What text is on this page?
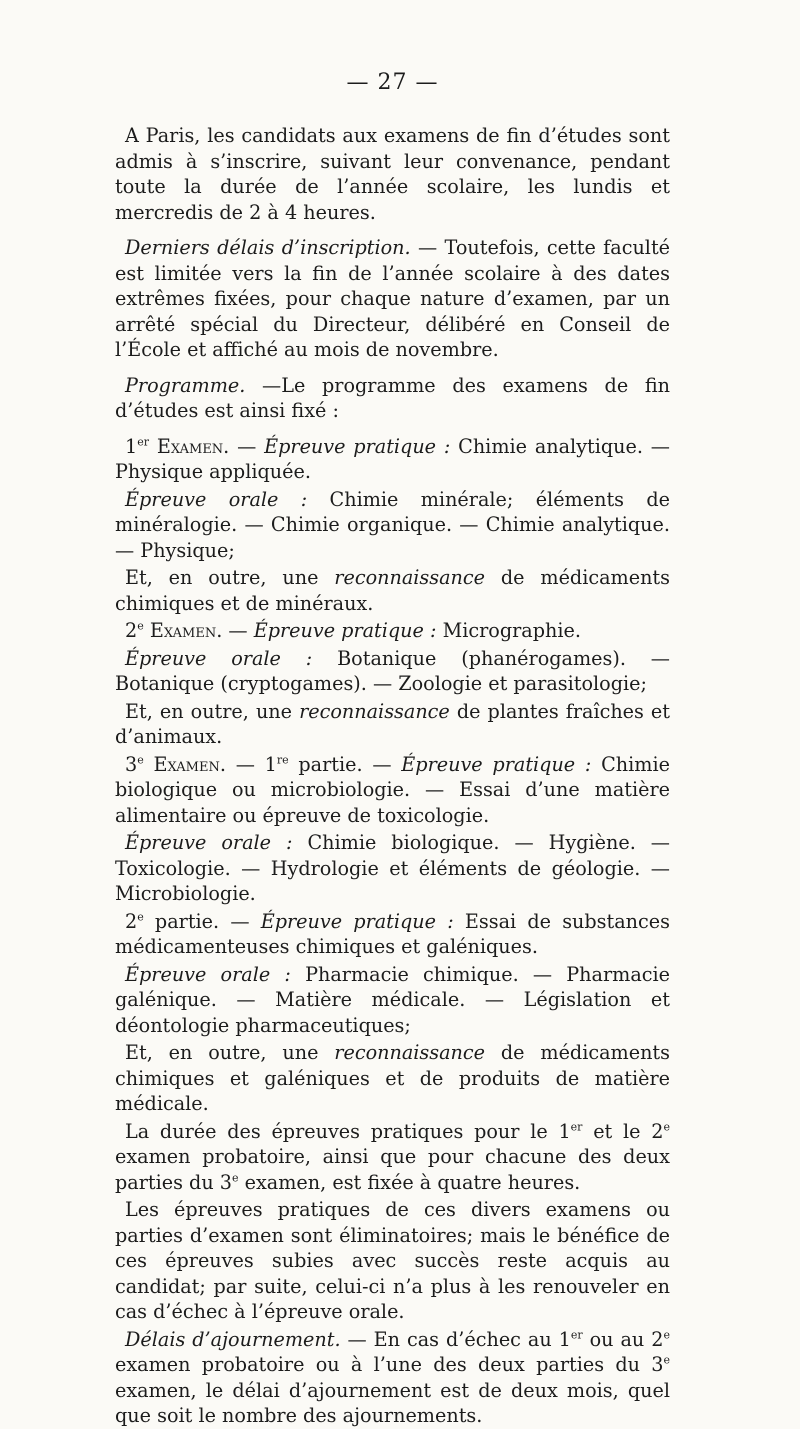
— 27 —

A Paris, les candidats aux examens de fin d’études sont admis à s’inscrire, suivant leur convenance, pendant toute la durée de l’année scolaire, les lundis et mercredis de 2 à 4 heures.

Derniers délais d’inscription. — Toutefois, cette faculté est limitée vers la fin de l’année scolaire à des dates extrêmes fixées, pour chaque nature d’examen, par un arrêté spécial du Directeur, délibéré en Conseil de l’École et affiché au mois de novembre.

Programme. —Le programme des examens de fin d’études est ainsi fixé :

1er Examen. — Épreuve pratique : Chimie analytique. — Physique appliquée.

Épreuve orale : Chimie minérale; éléments de minéralogie. — Chimie organique. — Chimie analytique. — Physique;

Et, en outre, une reconnaissance de médicaments chimiques et de minéraux.

2e Examen. — Épreuve pratique : Micrographie.

Épreuve orale : Botanique (phanérogames). — Botanique (cryptogames). — Zoologie et parasitologie;

Et, en outre, une reconnaissance de plantes fraîches et d’animaux.

3e Examen. — 1re partie. — Épreuve pratique : Chimie biologique ou microbiologie. — Essai d’une matière alimentaire ou épreuve de toxicologie.

Épreuve orale : Chimie biologique. — Hygiène. — Toxicologie. — Hydrologie et éléments de géologie. — Microbiologie.

2e partie. — Épreuve pratique : Essai de substances médicamenteuses chimiques et galéniques.

Épreuve orale : Pharmacie chimique. — Pharmacie galénique. — Matière médicale. — Législation et déontologie pharmaceutiques;

Et, en outre, une reconnaissance de médicaments chimiques et galéniques et de produits de matière médicale.

La durée des épreuves pratiques pour le 1er et le 2e examen probatoire, ainsi que pour chacune des deux parties du 3e examen, est fixée à quatre heures.

Les épreuves pratiques de ces divers examens ou parties d’examen sont éliminatoires; mais le bénéfice de ces épreuves subies avec succès reste acquis au candidat; par suite, celui-ci n’a plus à les renouveler en cas d’échec à l’épreuve orale.

Délais d’ajournement. — En cas d’échec au 1er ou au 2e examen probatoire ou à l’une des deux parties du 3e examen, le délai d’ajournement est de deux mois, quel que soit le nombre des ajournements.
